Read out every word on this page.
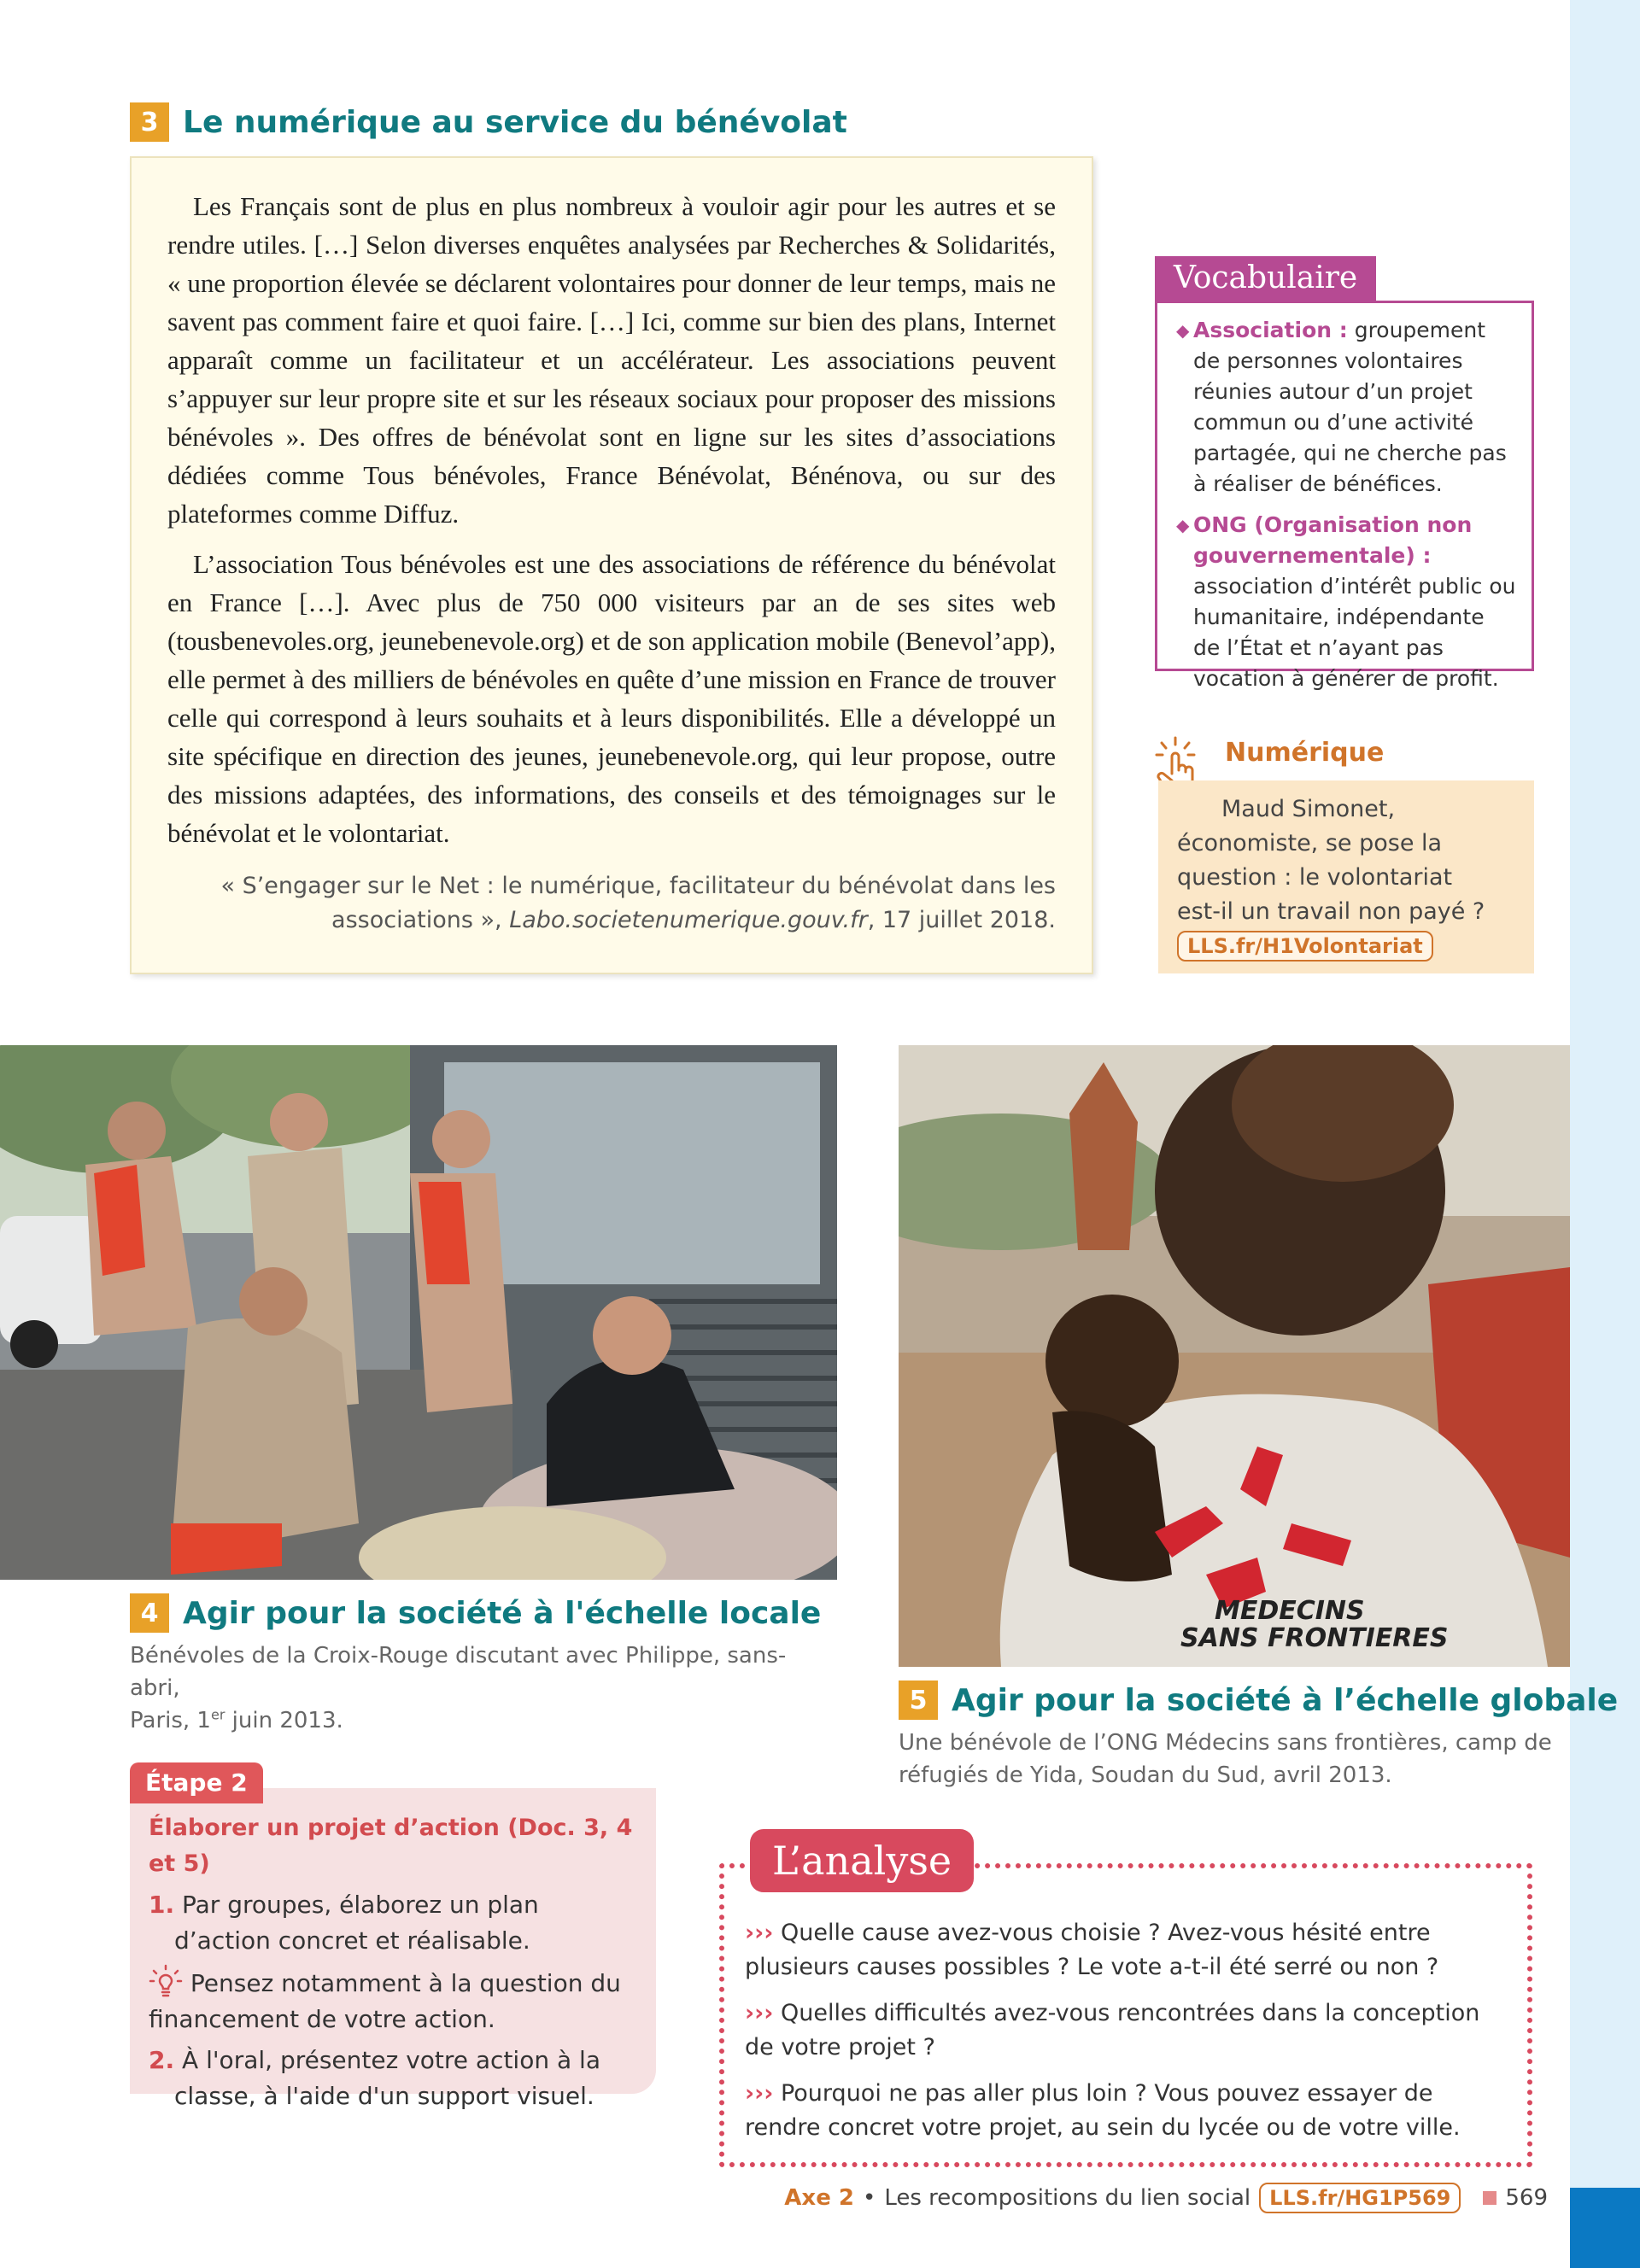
3 Le numérique au service du bénévolat

Les Français sont de plus en plus nombreux à vouloir agir pour les autres et se rendre utiles. […] Selon diverses enquêtes analysées par Recherches & Solidarités, « une proportion élevée se déclarent volontaires pour donner de leur temps, mais ne savent pas comment faire et quoi faire. […] Ici, comme sur bien des plans, Internet apparaît comme un facilitateur et un accélérateur. Les associations peuvent s’appuyer sur leur propre site et sur les réseaux sociaux pour proposer des missions bénévoles ». Des offres de bénévolat sont en ligne sur les sites d’associations dédiées comme Tous bénévoles, France Bénévolat, Bénénova, ou sur des plateformes comme Diffuz.

L’association Tous bénévoles est une des associations de référence du bénévolat en France […]. Avec plus de 750 000 visiteurs par an de ses sites web (tousbenevoles.org, jeunebenevole.org) et de son application mobile (Benevol’app), elle permet à des milliers de bénévoles en quête d’une mission en France de trouver celle qui correspond à leurs souhaits et à leurs disponibilités. Elle a développé un site spécifique en direction des jeunes, jeunebenevole.org, qui leur propose, outre des missions adaptées, des informations, des conseils et des témoignages sur le bénévolat et le volontariat.

« S’engager sur le Net : le numérique, facilitateur du bénévolat dans les associations », Labo.societenumerique.gouv.fr, 17 juillet 2018.
Vocabulaire
◆ Association : groupement de personnes volontaires réunies autour d’un projet commun ou d’une activité partagée, qui ne cherche pas à réaliser de bénéfices.
◆ ONG (Organisation non gouvernementale) : association d’intérêt public ou humanitaire, indépendante de l’État et n’ayant pas vocation à générer de profit.
Numérique
Maud Simonet,
économiste, se pose la
question : le volontariat
est-il un travail non payé ?
LLS.fr/H1Volontariat
4 Agir pour la société à l'échelle locale
Bénévoles de la Croix-Rouge discutant avec Philippe, sans-abri,
Paris, 1er juin 2013.
MEDECINS
SANS FRONTIERES
5 Agir pour la société à l’échelle globale
Une bénévole de l’ONG Médecins sans frontières, camp de
réfugiés de Yida, Soudan du Sud, avril 2013.
Élaborer un projet d’action (Doc. 3, 4 et 5)
1. Par groupes, élaborez un plan d’action concret et réalisable.
Pensez notamment à la question du financement de votre action.
2. À l'oral, présentez votre action à la classe, à l'aide d'un support visuel.
Étape 2
L’analyse
››› Quelle cause avez-vous choisie ? Avez-vous hésité entre plusieurs causes possibles ? Le vote a-t-il été serré ou non ?
››› Quelles difficultés avez-vous rencontrées dans la conception de votre projet ?
››› Pourquoi ne pas aller plus loin ? Vous pouvez essayer de rendre concret votre projet, au sein du lycée ou de votre ville.
Axe 2 • Les recompositions du lien social LLS.fr/HG1P569	569
